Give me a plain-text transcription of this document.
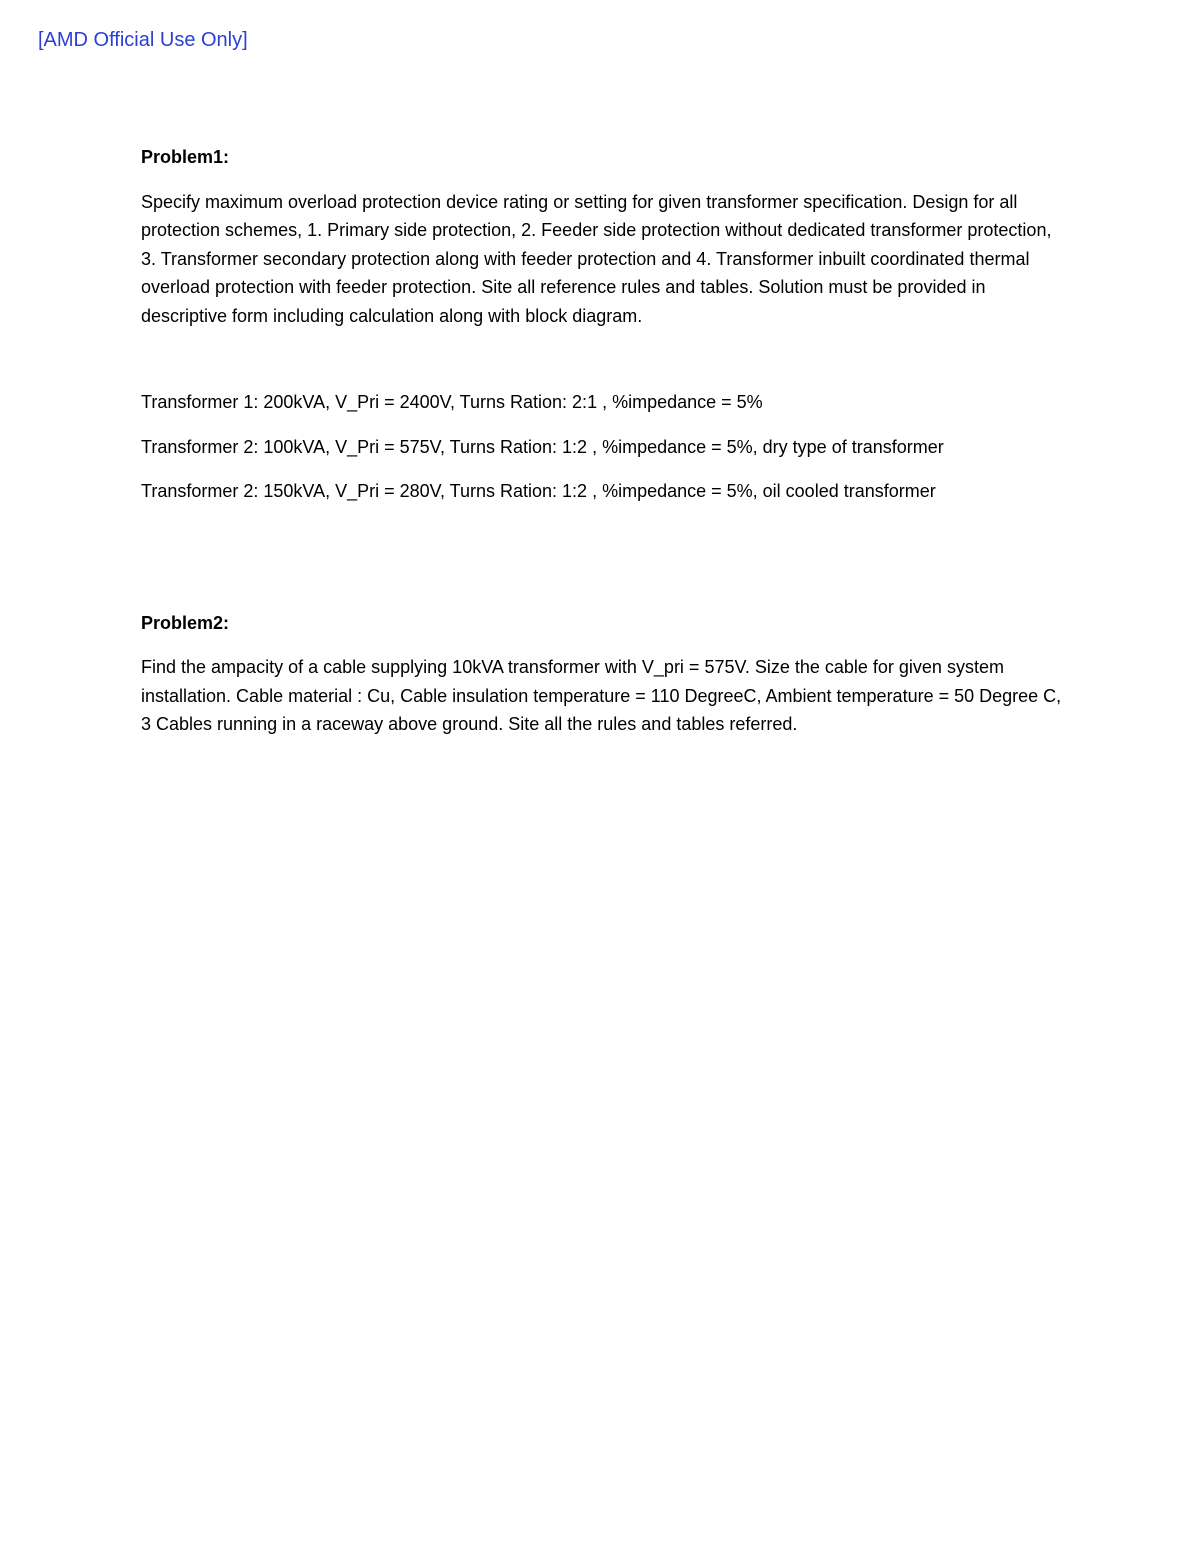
[AMD Official Use Only]

Problem1:

Specify maximum overload protection device rating or setting for given transformer specification. Design for all protection schemes, 1. Primary side protection, 2. Feeder side protection without dedicated transformer protection, 3. Transformer secondary protection along with feeder protection and 4. Transformer inbuilt coordinated thermal overload protection with feeder protection. Site all reference rules and tables. Solution must be provided in descriptive form including calculation along with block diagram.

Transformer 1: 200kVA, V_Pri = 2400V, Turns Ration: 2:1 , %impedance = 5%

Transformer 2: 100kVA, V_Pri = 575V, Turns Ration: 1:2 , %impedance = 5%, dry type of transformer

Transformer 2: 150kVA, V_Pri = 280V, Turns Ration: 1:2 , %impedance = 5%, oil cooled transformer

Problem2:

Find the ampacity of a cable supplying 10kVA transformer with V_pri = 575V. Size the cable for given system installation. Cable material : Cu, Cable insulation temperature = 110 DegreeC, Ambient temperature = 50 Degree C, 3 Cables running in a raceway above ground. Site all the rules and tables referred.
